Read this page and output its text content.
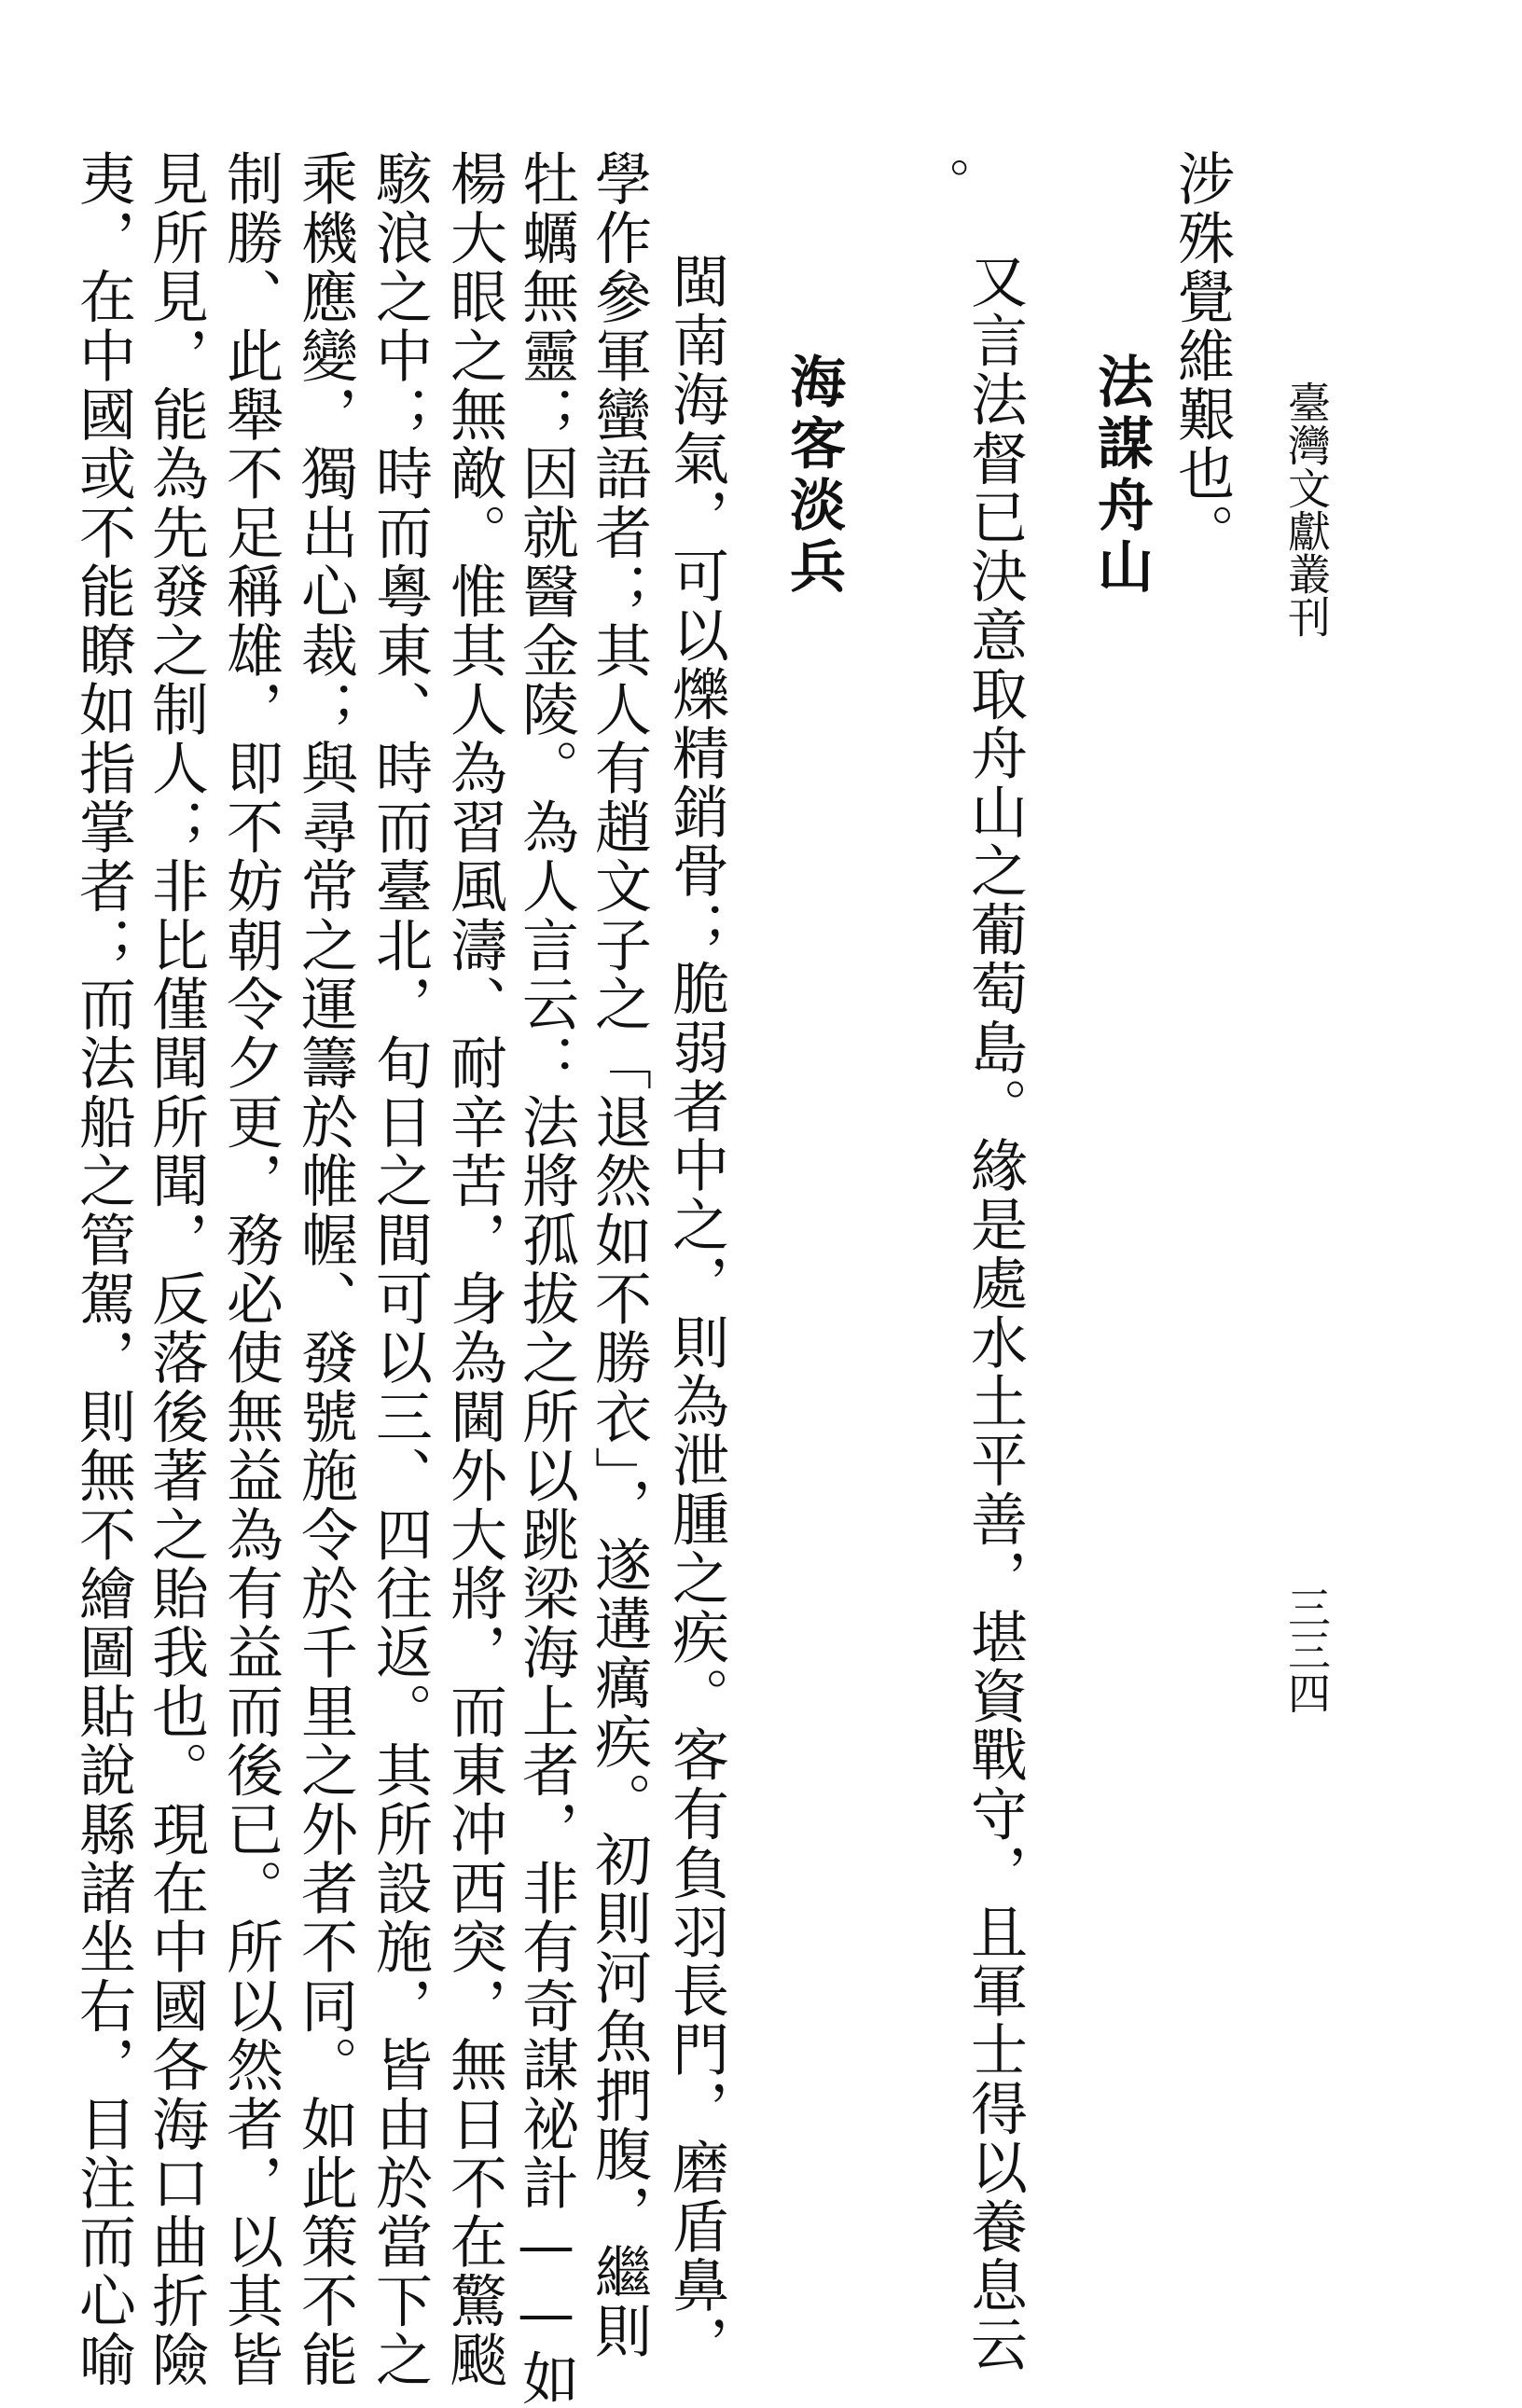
臺灣文獻叢刊
三三四
涉殊覺維艱也。
法謀舟山
又言法督已決意取舟山之葡萄島。緣是處水土平善，堪資戰守，且軍士得以養息云
。
海客淡兵
閩南海氣，可以爍精銷骨；脆弱者中之，則為泄腫之疾。客有負羽長門，磨盾鼻，
學作參軍蠻語者；其人有趙文子之「退然如不勝衣」，遂遘癘疾。初則河魚捫腹，繼則
牡蠣無靈；因就醫金陵。為人言云：法將孤拔之所以跳梁海上者，非有奇謀祕計——如
楊大眼之無敵。惟其人為習風濤、耐辛苦，身為閫外大將，而東冲西突，無日不在驚颷
駭浪之中；時而粵東、時而臺北，旬日之間可以三、四往返。其所設施，皆由於當下之
乘機應變，獨出心裁；與尋常之運籌於帷幄、發號施令於千里之外者不同。如此策不能
制勝、此舉不足稱雄，即不妨朝令夕更，務必使無益為有益而後已。所以然者，以其皆
見所見，能為先發之制人；非比僅聞所聞，反落後著之貽我也。現在中國各海口曲折險
夷，在中國或不能瞭如指掌者；而法船之管駕，則無不繪圖貼說縣諸坐右，目注而心喻
